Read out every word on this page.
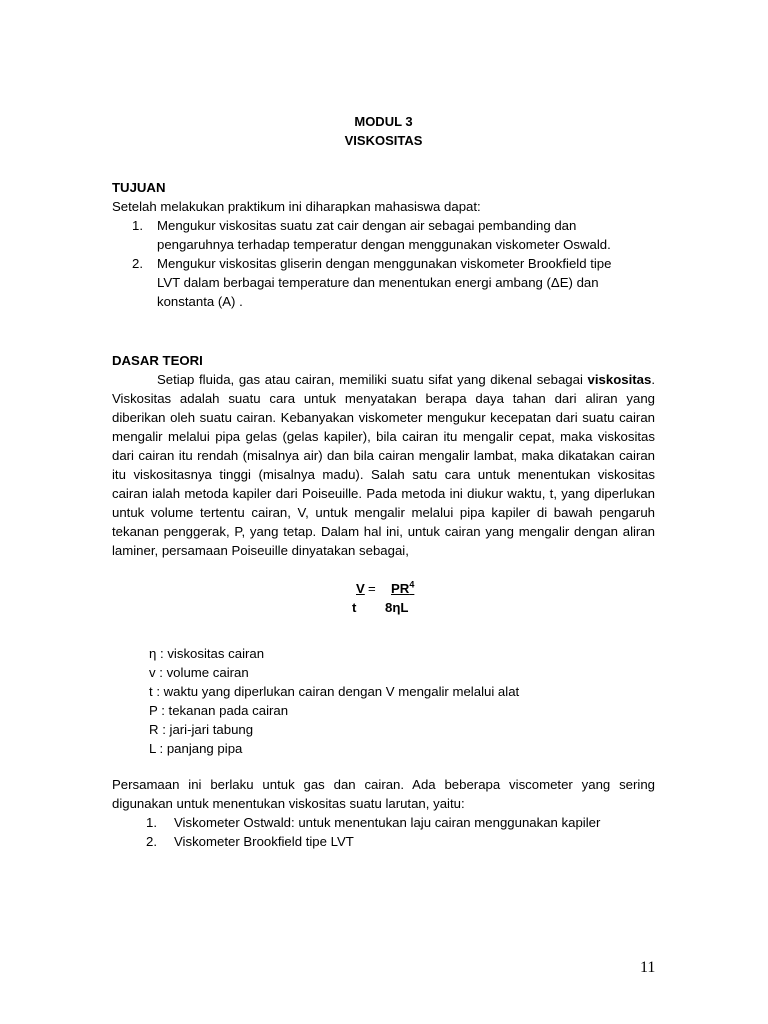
MODUL 3
VISKOSITAS
TUJUAN

Setelah melakukan praktikum ini diharapkan mahasiswa dapat:

1. Mengukur viskositas suatu zat cair dengan air sebagai pembanding dan
pengaruhnya terhadap temperatur dengan menggunakan viskometer Oswald.
2. Mengukur viskositas gliserin dengan menggunakan viskometer Brookfield tipe
LVT dalam berbagai temperature dan menentukan energi ambang (ΔE) dan
konstanta (A) .
DASAR TEORI

Setiap fluida, gas atau cairan, memiliki suatu sifat yang dikenal sebagai viskositas. Viskositas adalah suatu cara untuk menyatakan berapa daya tahan dari aliran yang diberikan oleh suatu cairan. Kebanyakan viskometer mengukur kecepatan dari suatu cairan mengalir melalui pipa gelas (gelas kapiler), bila cairan itu mengalir cepat, maka viskositas dari cairan itu rendah (misalnya air) dan bila cairan mengalir lambat, maka dikatakan cairan itu viskositasnya tinggi (misalnya madu). Salah satu cara untuk menentukan viskositas cairan ialah metoda kapiler dari Poiseuille. Pada metoda ini diukur waktu, t, yang diperlukan untuk volume tertentu cairan, V, untuk mengalir melalui pipa kapiler di bawah pengaruh tekanan penggerak, P, yang tetap. Dalam hal ini, untuk cairan yang mengalir dengan aliran laminer, persamaan Poiseuille dinyatakan sebagai,

$V = PR^4$
t 8ηL
η : viskositas cairan
v : volume cairan
t : waktu yang diperlukan cairan dengan V mengalir melalui alat
P : tekanan pada cairan
R : jari-jari tabung
L : panjang pipa

Persamaan ini berlaku untuk gas dan cairan. Ada beberapa viscometer yang sering digunakan untuk menentukan viskositas suatu larutan, yaitu:

1. Viskometer Ostwald: untuk menentukan laju cairan menggunakan kapiler
2. Viskometer Brookfield tipe LVT
11
